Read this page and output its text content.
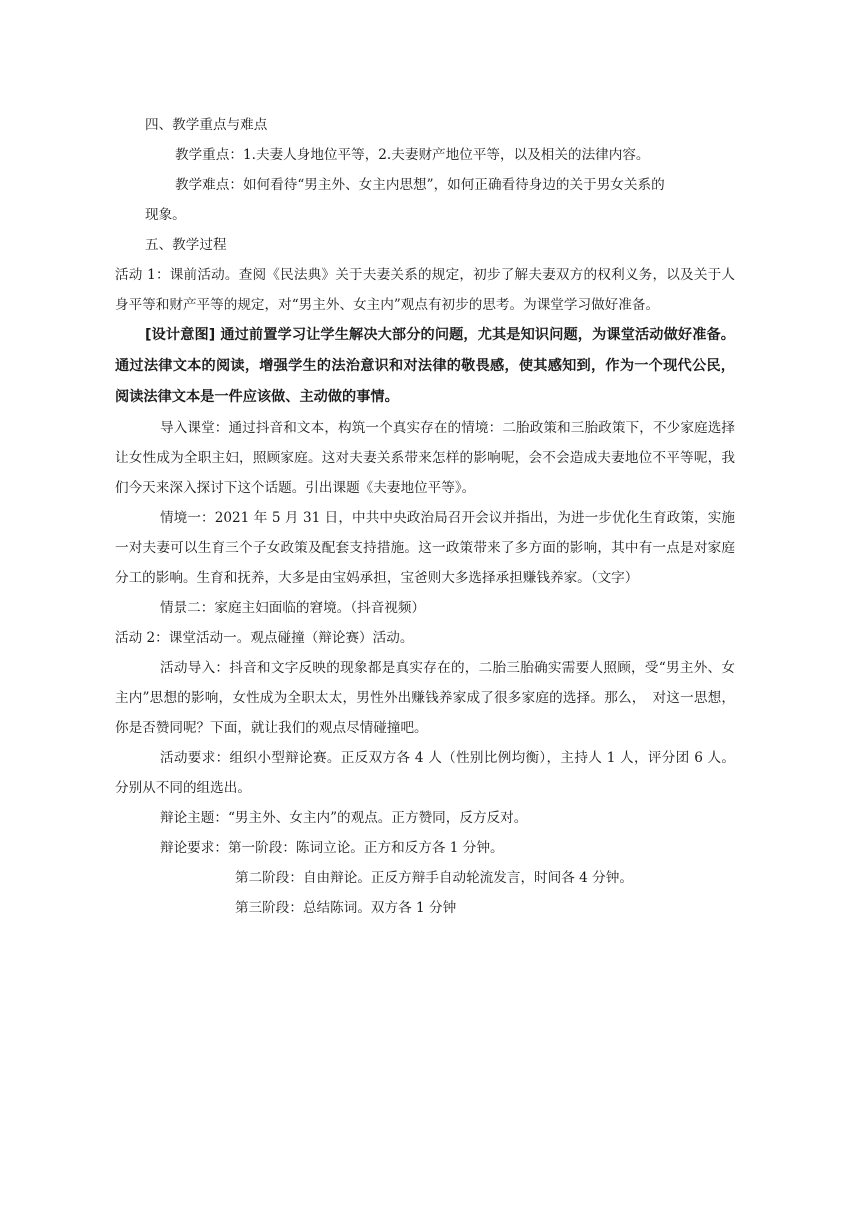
四、教学重点与难点

教学重点：1.夫妻人身地位平等，2.夫妻财产地位平等，以及相关的法律内容。

教学难点：如何看待“男主外、女主内思想”，如何正确看待身边的关于男女关系的

现象。

五、教学过程

活动 1：课前活动。查阅《民法典》关于夫妻关系的规定，初步了解夫妻双方的权利义务，以及关于人身平等和财产平等的规定，对“男主外、女主内”观点有初步的思考。为课堂学习做好准备。

[设计意图] 通过前置学习让学生解决大部分的问题，尤其是知识问题，为课堂活动做好准备。通过法律文本的阅读，增强学生的法治意识和对法律的敬畏感，使其感知到，作为一个现代公民，阅读法律文本是一件应该做、主动做的事情。

导入课堂：通过抖音和文本，构筑一个真实存在的情境：二胎政策和三胎政策下，不少家庭选择让女性成为全职主妇，照顾家庭。这对夫妻关系带来怎样的影响呢，会不会造成夫妻地位不平等呢，我们今天来深入探讨下这个话题。引出课题《夫妻地位平等》。

情境一：2021 年 5 月 31 日，中共中央政治局召开会议并指出，为进一步优化生育政策，实施一对夫妻可以生育三个子女政策及配套支持措施。这一政策带来了多方面的影响，其中有一点是对家庭分工的影响。生育和抚养，大多是由宝妈承担，宝爸则大多选择承担赚钱养家。（文字）

情景二：家庭主妇面临的窘境。（抖音视频）

活动 2：课堂活动一。观点碰撞（辩论赛）活动。

活动导入：抖音和文字反映的现象都是真实存在的，二胎三胎确实需要人照顾，受“男主外、女主内”思想的影响，女性成为全职太太，男性外出赚钱养家成了很多家庭的选择。那么，　对这一思想，你是否赞同呢？下面，就让我们的观点尽情碰撞吧。

活动要求：组织小型辩论赛。正反双方各 4 人（性别比例均衡），主持人 1 人，评分团 6 人。分别从不同的组选出。

辩论主题：“男主外、女主内”的观点。正方赞同，反方反对。

辩论要求：第一阶段：陈词立论。正方和反方各 1 分钟。

第二阶段：自由辩论。正反方辩手自动轮流发言，时间各 4 分钟。

第三阶段：总结陈词。双方各 1 分钟
